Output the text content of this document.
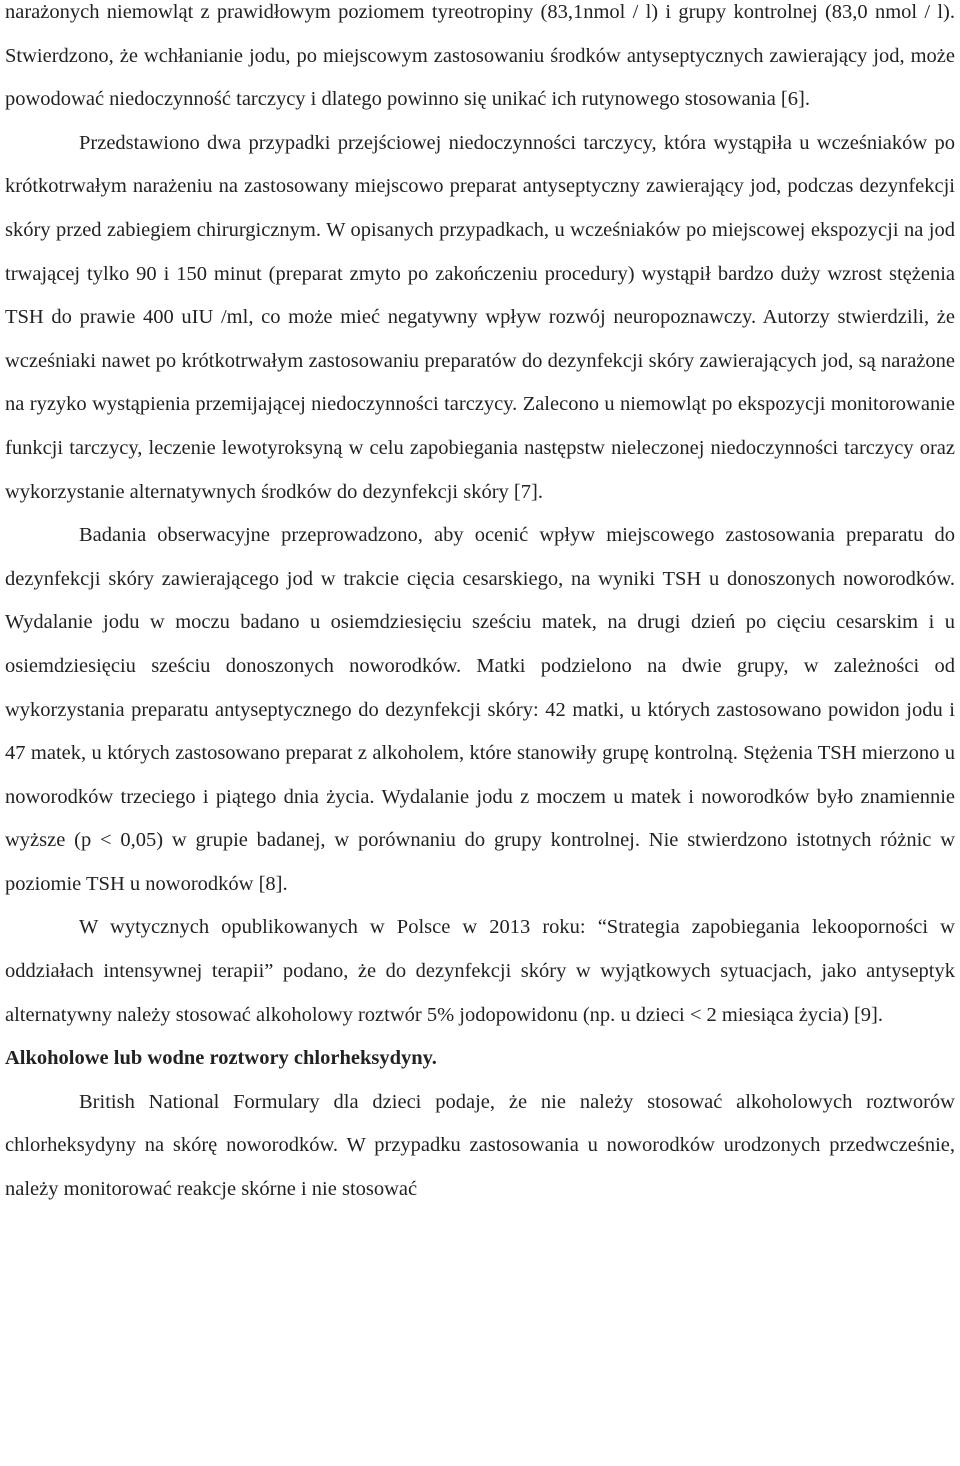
narażonych niemowląt z prawidłowym poziomem tyreotropiny (83,1nmol / l) i grupy kontrolnej (83,0 nmol / l). Stwierdzono, że wchłanianie jodu, po miejscowym zastosowaniu środków antyseptycznych zawierający jod, może powodować niedoczynność tarczycy i dlatego powinno się unikać ich rutynowego stosowania [6].

Przedstawiono dwa przypadki przejściowej niedoczynności tarczycy, która wystąpiła u wcześniaków po krótkotrwałym narażeniu na zastosowany miejscowo preparat antyseptyczny zawierający jod, podczas dezynfekcji skóry przed zabiegiem chirurgicznym. W opisanych przypadkach, u wcześniaków po miejscowej ekspozycji na jod trwającej tylko 90 i 150 minut (preparat zmyto po zakończeniu procedury) wystąpił bardzo duży wzrost stężenia TSH do prawie 400 uIU /ml, co może mieć negatywny wpływ rozwój neuropoznawczy. Autorzy stwierdzili, że wcześniaki nawet po krótkotrwałym zastosowaniu preparatów do dezynfekcji skóry zawierających jod, są narażone na ryzyko wystąpienia przemijającej niedoczynności tarczycy. Zalecono u niemowląt po ekspozycji monitorowanie funkcji tarczycy, leczenie lewotyroksyną w celu zapobiegania następstw nieleczonej niedoczynności tarczycy oraz wykorzystanie alternatywnych środków do dezynfekcji skóry [7].

Badania obserwacyjne przeprowadzono, aby ocenić wpływ miejscowego zastosowania preparatu do dezynfekcji skóry zawierającego jod w trakcie cięcia cesarskiego, na wyniki TSH u donoszonych noworodków. Wydalanie jodu w moczu badano u osiemdziesięciu sześciu matek, na drugi dzień po cięciu cesarskim i u osiemdziesięciu sześciu donoszonych noworodków. Matki podzielono na dwie grupy, w zależności od wykorzystania preparatu antyseptycznego do dezynfekcji skóry: 42 matki, u których zastosowano powidon jodu i 47 matek, u których zastosowano preparat z alkoholem, które stanowiły grupę kontrolną. Stężenia TSH mierzono u noworodków trzeciego i piątego dnia życia. Wydalanie jodu z moczem u matek i noworodków było znamiennie wyższe (p < 0,05) w grupie badanej, w porównaniu do grupy kontrolnej. Nie stwierdzono istotnych różnic w poziomie TSH u noworodków [8].

W wytycznych opublikowanych w Polsce w 2013 roku: “Strategia zapobiegania lekooporności w oddziałach intensywnej terapii” podano, że do dezynfekcji skóry w wyjątkowych sytuacjach, jako antyseptyk alternatywny należy stosować alkoholowy roztwór 5% jodopowidonu (np. u dzieci < 2 miesiąca życia) [9].

Alkoholowe lub wodne roztwory chlorheksydyny.

British National Formulary dla dzieci podaje, że nie należy stosować alkoholowych roztworów chlorheksydyny na skórę noworodków. W przypadku zastosowania u noworodków urodzonych przedwcześnie, należy monitorować reakcje skórne i nie stosować
